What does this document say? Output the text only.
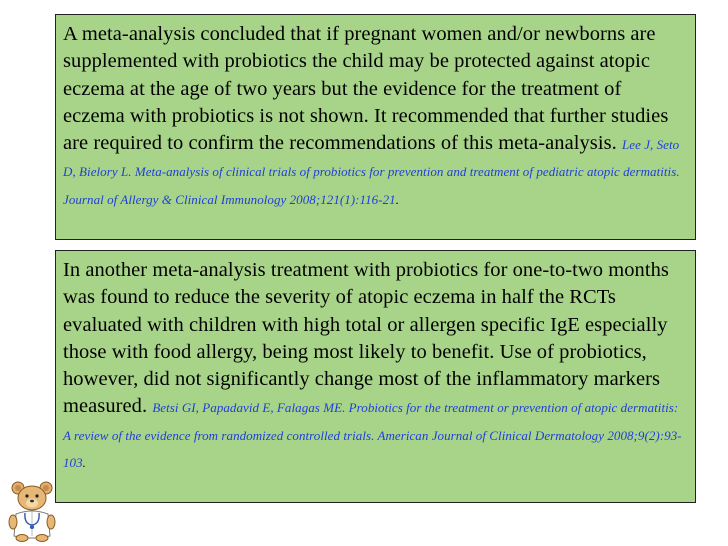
A meta-analysis concluded that if pregnant women and/or newborns are supplemented with probiotics the child may be protected against atopic eczema at the age of two years but the evidence for the treatment of eczema with probiotics is not shown. It recommended that further studies are required to confirm the recommendations of this meta-analysis. Lee J, Seto D, Bielory L. Meta-analysis of clinical trials of probiotics for prevention and treatment of pediatric atopic dermatitis. Journal of Allergy & Clinical Immunology 2008;121(1):116-21.

In another meta-analysis treatment with probiotics for one-to-two months was found to reduce the severity of atopic eczema in half the RCTs evaluated with children with high total or allergen specific IgE especially those with food allergy, being most likely to benefit. Use of probiotics, however, did not significantly change most of the inflammatory markers measured. Betsi GI, Papadavid E, Falagas ME. Probiotics for the treatment or prevention of atopic dermatitis: A review of the evidence from randomized controlled trials. American Journal of Clinical Dermatology 2008;9(2):93-103.
